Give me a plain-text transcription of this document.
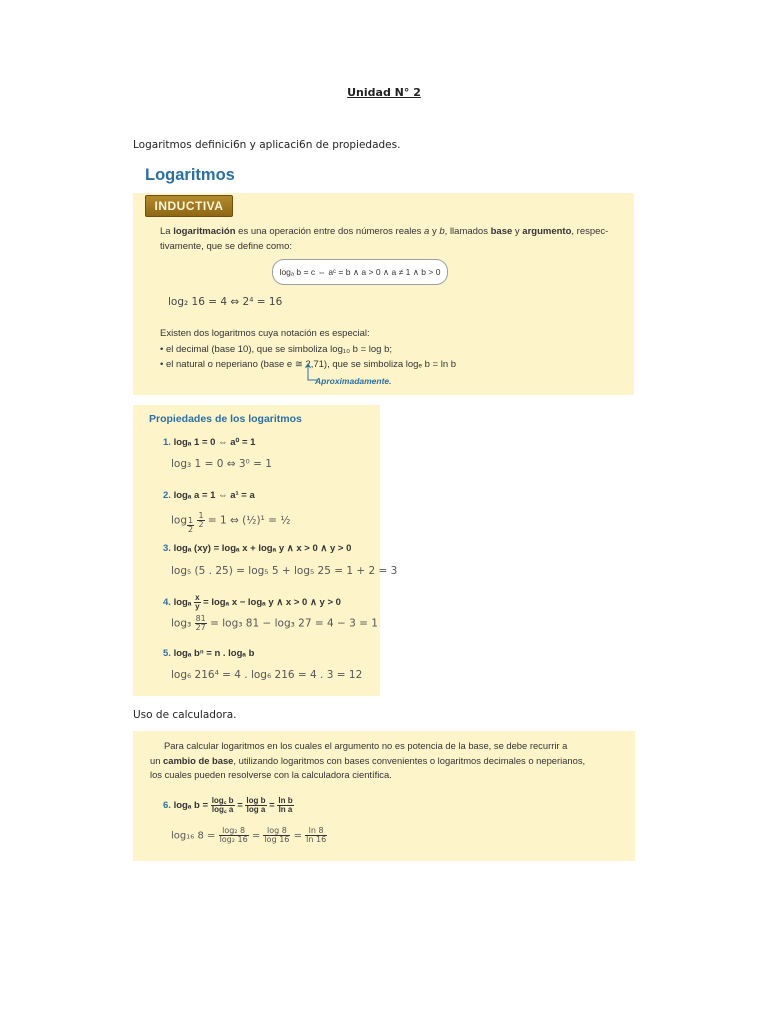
Unidad N° 2
Logaritmos definici6n y aplicaci6n de propiedades.
Logaritmos
INDUCTIVA
La logaritmación es una operación entre dos números reales a y b, llamados base y argumento, respec-
tivamente, que se define como:
logₐ b = c ⇔ aᶜ = b ∧ a > 0 ∧ a ≠ 1 ∧ b > 0
log₂ 16 = 4 ⇔ 2⁴ = 16
Existen dos logaritmos cuya notación es especial:
• el decimal (base 10), que se simboliza log₁₀ b = log b;
• el natural o neperiano (base e ≅ 2,71), que se simboliza logₑ b = ln b
Aproximadamente.
Propiedades de los logaritmos
1. logₐ 1 = 0 ⇔ a⁰ = 1
log₃ 1 = 0 ⇔ 3⁰ = 1
2. logₐ a = 1 ⇔ a¹ = a
log $_{\frac{1}{2}}$
$\frac{1}{2} = 1$ ⇔ (½)¹ = ½
3. logₐ (xy) = logₐ x + logₐ y ∧ x > 0 ∧ y > 0
log₅ (5 . 25) = log₅ 5 + log₅ 25 = 1 + 2 = 3
4. logₐ $\frac{x}{y} = \log_a$ x − logₐ y ∧ x > 0 ∧ y > 0
$\log_3 \frac{81}{27} = \log_3$ 81 − log₃ 27 = 4 − 3 = 1
5. logₐ bⁿ = n . logₐ b
log₆ 216⁴ = 4 . log₆ 216 = 4 . 3 = 12
Uso de calculadora.
Para calcular logaritmos en los cuales el argumento no es potencia de la base, se debe recurrir a
un cambio de base, utilizando logaritmos con bases convenientes o logaritmos decimales o neperianos,
los cuales pueden resolverse con la calculadora científica.
6. logₐ $b = \frac{\log꜀ b}{\log꜀ a} = \frac{\text{log b}}{\text{log a}} = \frac{\text{ln b}}{\text{ln a}}$
log₁₆ $8 = \frac{\text{log₂ 8}}{\text{log₂ 16}} = \frac{\log 8}{\log 16} = \frac{\ln 8}{\ln 16}$
